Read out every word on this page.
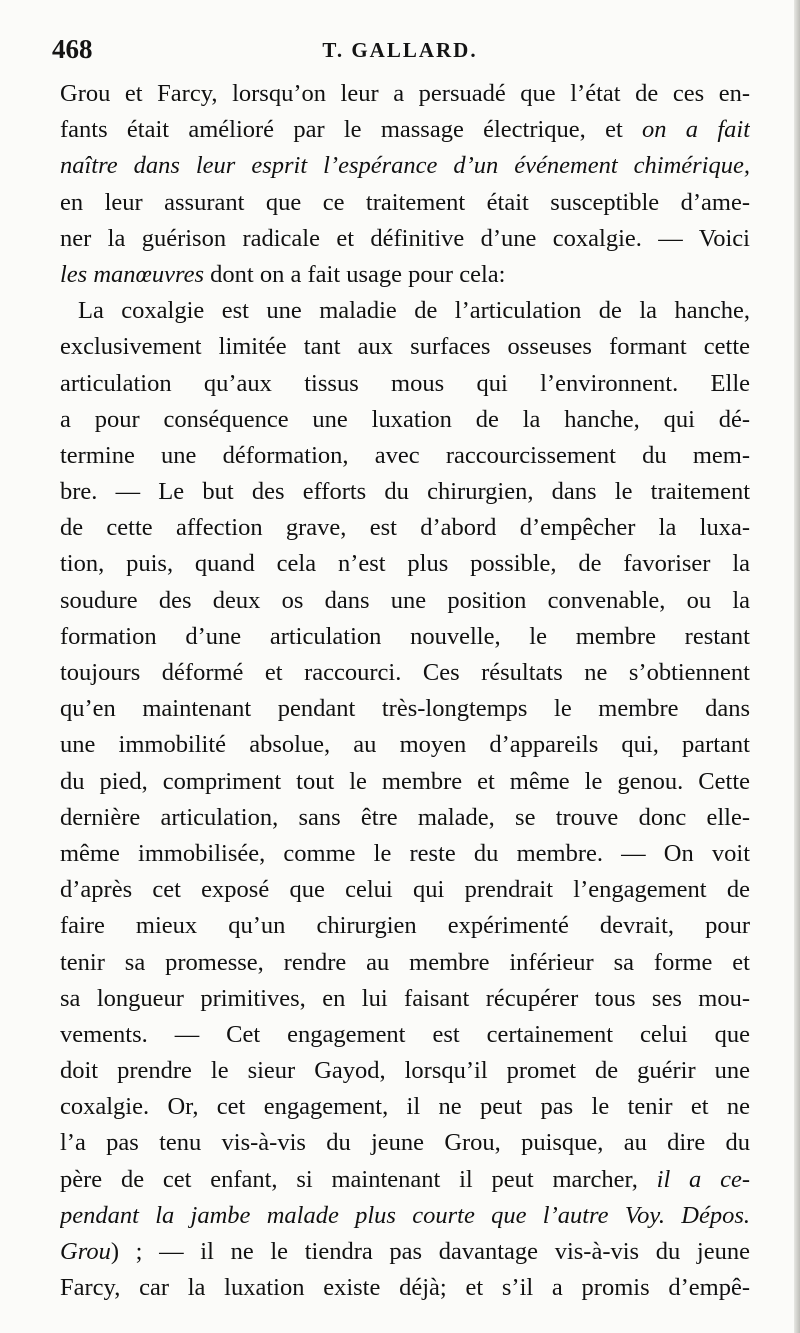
468	T. GALLARD.
Grou et Farcy, lorsqu’on leur a persuadé que l’état de ces en-
fants était amélioré par le massage électrique, et on a fait
naître dans leur esprit l’espérance d’un événement chimérique,
en leur assurant que ce traitement était susceptible d’ame-
ner la guérison radicale et définitive d’une coxalgie. — Voici
les manœuvres dont on a fait usage pour cela:
La coxalgie est une maladie de l’articulation de la hanche,
exclusivement limitée tant aux surfaces osseuses formant cette
articulation qu’aux tissus mous qui l’environnent. Elle
a pour conséquence une luxation de la hanche, qui dé-
termine une déformation, avec raccourcissement du mem-
bre. — Le but des efforts du chirurgien, dans le traitement
de cette affection grave, est d’abord d’empêcher la luxa-
tion, puis, quand cela n’est plus possible, de favoriser la
soudure des deux os dans une position convenable, ou la
formation d’une articulation nouvelle, le membre restant
toujours déformé et raccourci. Ces résultats ne s’obtiennent
qu’en maintenant pendant très-longtemps le membre dans
une immobilité absolue, au moyen d’appareils qui, partant
du pied, compriment tout le membre et même le genou. Cette
dernière articulation, sans être malade, se trouve donc elle-
même immobilisée, comme le reste du membre. — On voit
d’après cet exposé que celui qui prendrait l’engagement de
faire mieux qu’un chirurgien expérimenté devrait, pour
tenir sa promesse, rendre au membre inférieur sa forme et
sa longueur primitives, en lui faisant récupérer tous ses mou-
vements. — Cet engagement est certainement celui que
doit prendre le sieur Gayod, lorsqu’il promet de guérir une
coxalgie. Or, cet engagement, il ne peut pas le tenir et ne
l’a pas tenu vis-à-vis du jeune Grou, puisque, au dire du
père de cet enfant, si maintenant il peut marcher, il a ce-
pendant la jambe malade plus courte que l’autre Voy. Dépos.
Grou) ; — il ne le tiendra pas davantage vis-à-vis du jeune
Farcy, car la luxation existe déjà; et s’il a promis d’empê-
